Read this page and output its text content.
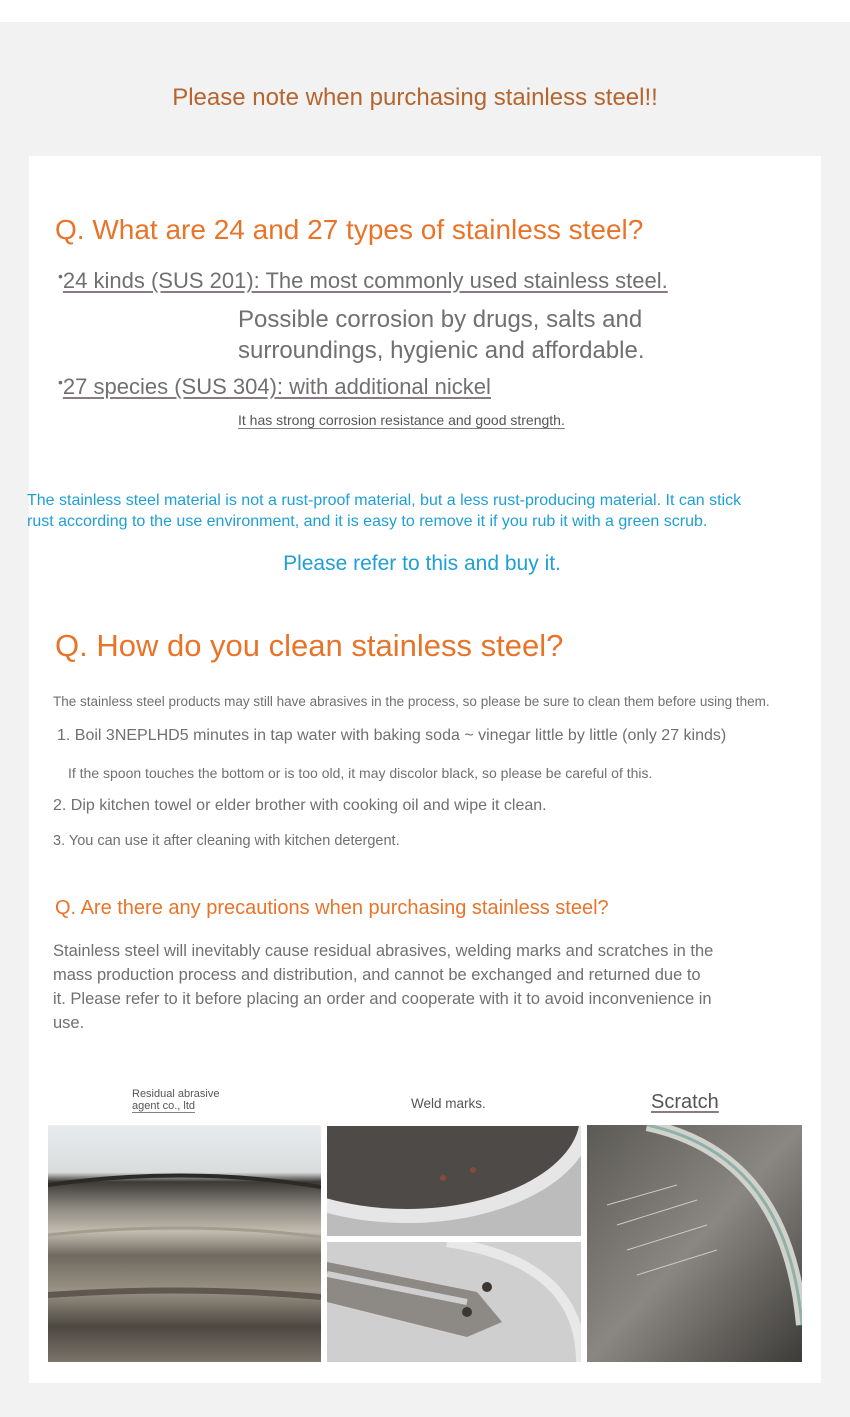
Please note when purchasing stainless steel!!
Q. What are 24 and 27 types of stainless steel?
•24 kinds (SUS 201): The most commonly used stainless steel.
Possible corrosion by drugs, salts and
surroundings, hygienic and affordable.
•27 species (SUS 304): with additional nickel
It has strong corrosion resistance and good strength.
The stainless steel material is not a rust-proof material, but a less rust-producing material. It can stick
rust according to the use environment, and it is easy to remove it if you rub it with a green scrub.
Please refer to this and buy it.
Q. How do you clean stainless steel?
The stainless steel products may still have abrasives in the process, so please be sure to clean them before using them.
1. Boil 3NEPLHD5 minutes in tap water with baking soda ~ vinegar little by little (only 27 kinds)
If the spoon touches the bottom or is too old, it may discolor black, so please be careful of this.
2. Dip kitchen towel or elder brother with cooking oil and wipe it clean.
3. You can use it after cleaning with kitchen detergent.
Q. Are there any precautions when purchasing stainless steel?
Stainless steel will inevitably cause residual abrasives, welding marks and scratches in the
mass production process and distribution, and cannot be exchanged and returned due to
it. Please refer to it before placing an order and cooperate with it to avoid inconvenience in
use.
Residual abrasive
agent co., ltd	Weld marks.	Scratch
